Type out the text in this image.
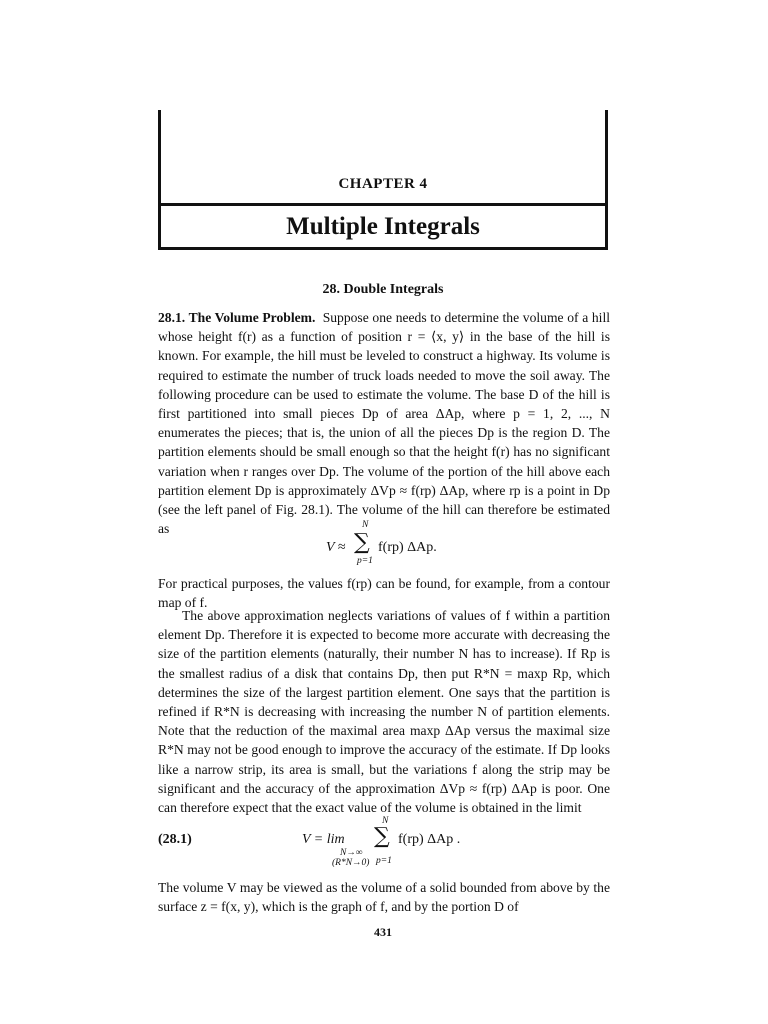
CHAPTER 4
Multiple Integrals
28. Double Integrals

28.1. The Volume Problem. Suppose one needs to determine the volume of a hill whose height f(r) as a function of position r = ⟨x, y⟩ in the base of the hill is known. For example, the hill must be leveled to construct a highway. Its volume is required to estimate the number of truck loads needed to move the soil away. The following procedure can be used to estimate the volume. The base D of the hill is first partitioned into small pieces Dp of area ΔAp, where p = 1, 2, ..., N enumerates the pieces; that is, the union of all the pieces Dp is the region D. The partition elements should be small enough so that the height f(r) has no significant variation when r ranges over Dp. The volume of the portion of the hill above each partition element Dp is approximately ΔVp ≈ f(rp) ΔAp, where rp is a point in Dp (see the left panel of Fig. 28.1). The volume of the hill can therefore be estimated as

V ≈
N
∑
p=1
f(rp) ΔAp.

For practical purposes, the values f(rp) can be found, for example, from a contour map of f.

The above approximation neglects variations of values of f within a partition element Dp. Therefore it is expected to become more accurate with decreasing the size of the partition elements (naturally, their number N has to increase). If Rp is the smallest radius of a disk that contains Dp, then put R*N = maxp Rp, which determines the size of the largest partition element. One says that the partition is refined if R*N is decreasing with increasing the number N of partition elements. Note that the reduction of the maximal area maxp ΔAp versus the maximal size R*N may not be good enough to improve the accuracy of the estimate. If Dp looks like a narrow strip, its area is small, but the variations f along the strip may be significant and the accuracy of the approximation ΔVp ≈ f(rp) ΔAp is poor. One can therefore expect that the exact value of the volume is obtained in the limit

(28.1)	V = lim
N→∞
(R*N→0)
N
∑
p=1
f(rp) ΔAp .

The volume V may be viewed as the volume of a solid bounded from above by the surface z = f(x, y), which is the graph of f, and by the portion D of

431
